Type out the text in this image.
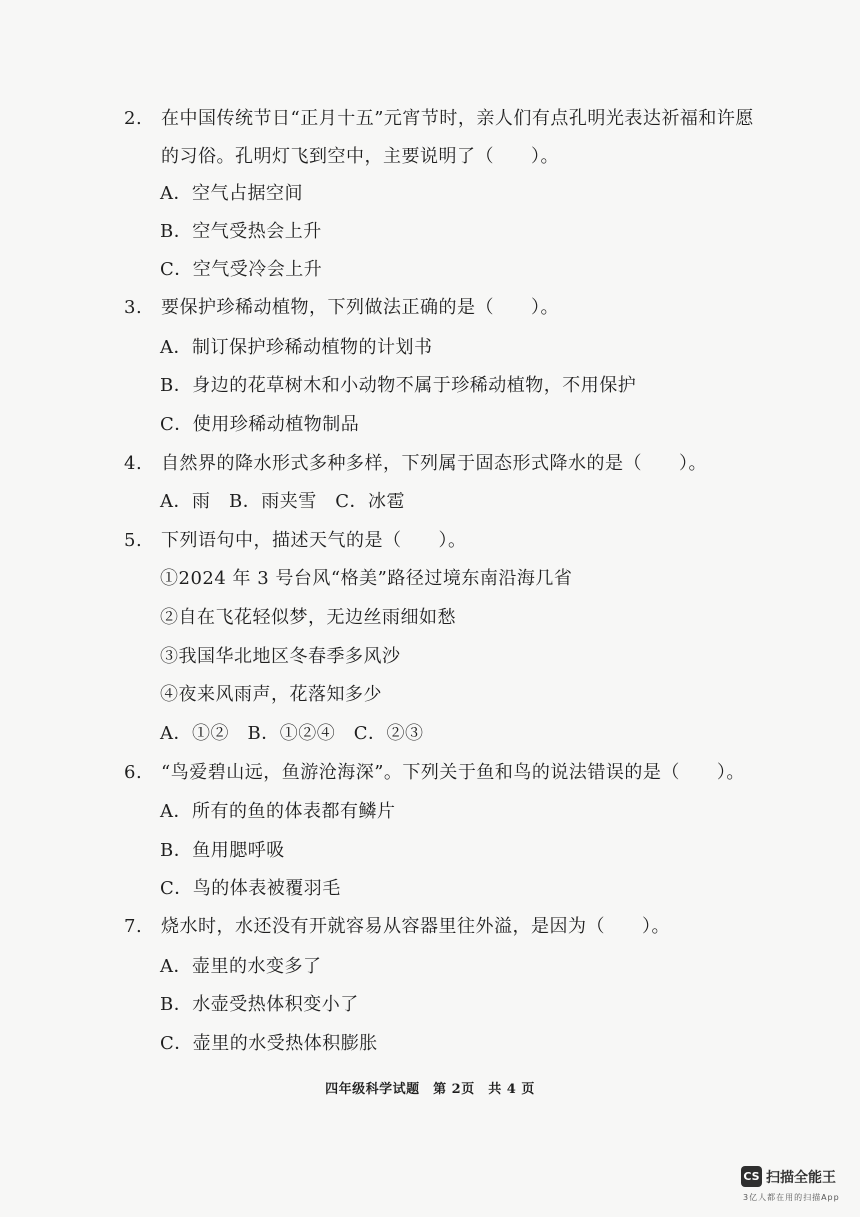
2. 在中国传统节日“正月十五”元宵节时，亲人们有点孔明光表达祈福和许愿
的习俗。孔明灯飞到空中，主要说明了（　　）。
A．空气占据空间
B．空气受热会上升
C．空气受冷会上升
3. 要保护珍稀动植物，下列做法正确的是（　　）。
A．制订保护珍稀动植物的计划书
B．身边的花草树木和小动物不属于珍稀动植物，不用保护
C．使用珍稀动植物制品
4. 自然界的降水形式多种多样，下列属于固态形式降水的是（　　）。
A．雨　B．雨夹雪　C．冰雹
5. 下列语句中，描述天气的是（　　）。
①2024 年 3 号台风“格美”路径过境东南沿海几省
②自在飞花轻似梦，无边丝雨细如愁
③我国华北地区冬春季多风沙
④夜来风雨声，花落知多少
A．①②　B．①②④　C．②③
6. “鸟爱碧山远，鱼游沧海深”。下列关于鱼和鸟的说法错误的是（　　）。
A．所有的鱼的体表都有鳞片
B．鱼用腮呼吸
C．鸟的体表被覆羽毛
7. 烧水时，水还没有开就容易从容器里往外溢，是因为（　　）。
A．壶里的水变多了
B．水壶受热体积变小了
C．壶里的水受热体积膨胀
四年级科学试题　第 2页　共 4 页
CS 扫描全能王
3亿人都在用的扫描App
